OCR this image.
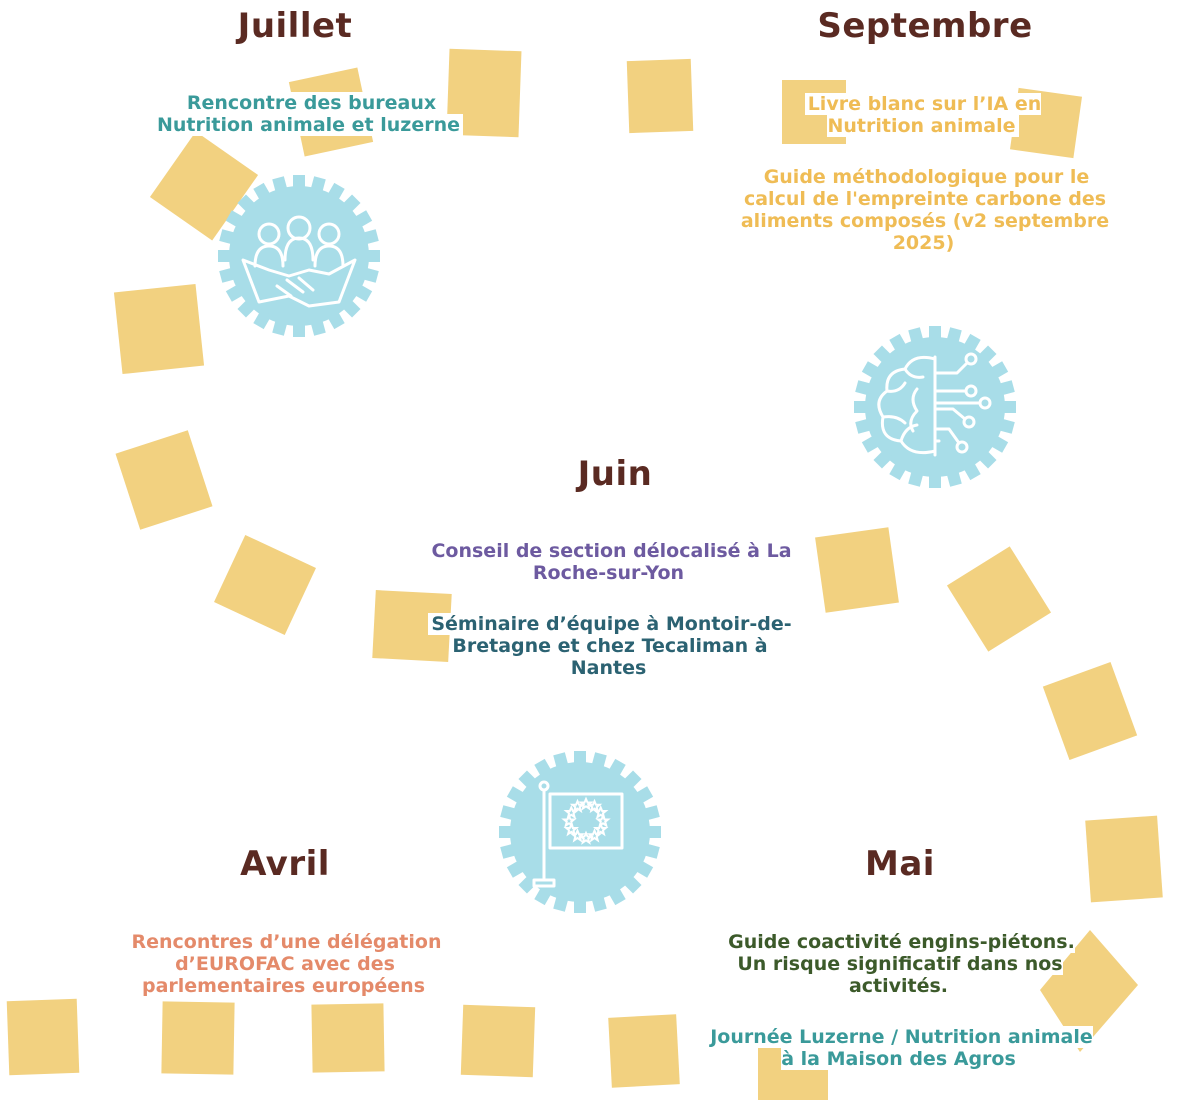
Juillet	Septembre
Juin
Avril	Mai
Rencontre des bureaux Nutrition animale et luzerne
Livre blanc sur l’IA en Nutrition animale
Guide méthodologique pour le calcul de l'empreinte carbone des aliments composés (v2 septembre 2025)
Conseil de section délocalisé à La Roche-sur-Yon
Séminaire d’équipe à Montoir-de-Bretagne et chez Tecaliman à Nantes
Rencontres d’une délégation d’EUROFAC avec des parlementaires européens
Guide coactivité engins-piétons. Un risque significatif dans nos activités.
Journée Luzerne / Nutrition animale à la Maison des Agros
